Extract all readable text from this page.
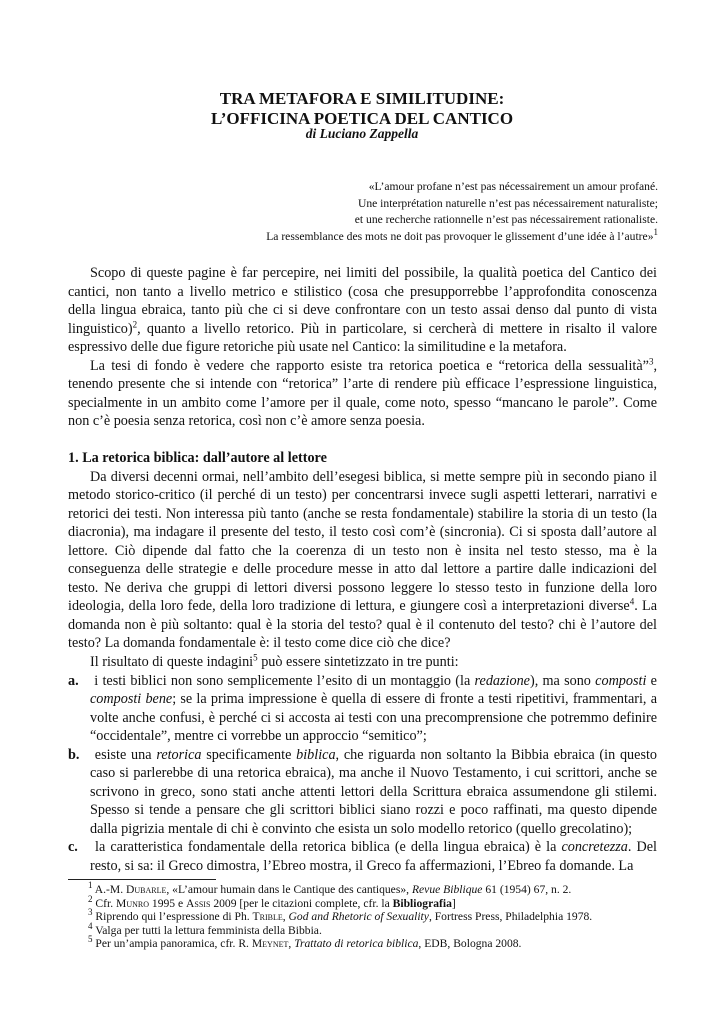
TRA METAFORA E SIMILITUDINE:
L’OFFICINA POETICA DEL CANTICO
di Luciano Zappella
«L’amour profane n’est pas nécessairement un amour profané.
Une interprétation naturelle n’est pas nécessairement naturaliste;
et une recherche rationnelle n’est pas nécessairement rationaliste.
La ressemblance des mots ne doit pas provoquer le glissement d’une idée à l’autre»$^1$

Scopo di queste pagine è far percepire, nei limiti del possibile, la qualità poetica del Cantico dei cantici, non tanto a livello metrico e stilistico (cosa che presupporrebbe l’approfondita conoscenza della lingua ebraica, tanto più che ci si deve confrontare con un testo assai denso dal punto di vista linguistico)$^2$, quanto a livello retorico. Più in particolare, si cercherà di mettere in risalto il valore espressivo delle due figure retoriche più usate nel Cantico: la similitudine e la metafora.

La tesi di fondo è vedere che rapporto esiste tra retorica poetica e “retorica della sessualità”$^3$, tenendo presente che si intende con “retorica” l’arte di rendere più efficace l’espressione linguistica, specialmente in un ambito come l’amore per il quale, come noto, spesso “mancano le parole”. Come non c’è poesia senza retorica, così non c’è amore senza poesia.

1. La retorica biblica: dall’autore al lettore

Da diversi decenni ormai, nell’ambito dell’esegesi biblica, si mette sempre più in secondo piano il metodo storico-critico (il perché di un testo) per concentrarsi invece sugli aspetti letterari, narrativi e retorici dei testi. Non interessa più tanto (anche se resta fondamentale) stabilire la storia di un testo (la diacronia), ma indagare il presente del testo, il testo così com’è (sincronia). Ci si sposta dall’autore al lettore. Ciò dipende dal fatto che la coerenza di un testo non è insita nel testo stesso, ma è la conseguenza delle strategie e delle procedure messe in atto dal lettore a partire dalle indicazioni del testo. Ne deriva che gruppi di lettori diversi possono leggere lo stesso testo in funzione della loro ideologia, della loro fede, della loro tradizione di lettura, e giungere così a interpretazioni diverse$^4$. La domanda non è più soltanto: qual è la storia del testo? qual è il contenuto del testo? chi è l’autore del testo? La domanda fondamentale è: il testo come dice ciò che dice?

Il risultato di queste indagini$^5$ può essere sintetizzato in tre punti:

a. i testi biblici non sono semplicemente l’esito di un montaggio (la redazione), ma sono composti e composti bene; se la prima impressione è quella di essere di fronte a testi ripetitivi, frammentari, a volte anche confusi, è perché ci si accosta ai testi con una precomprensione che potremmo definire “occidentale”, mentre ci vorrebbe un approccio “semitico”;

b. esiste una retorica specificamente biblica, che riguarda non soltanto la Bibbia ebraica (in questo caso si parlerebbe di una retorica ebraica), ma anche il Nuovo Testamento, i cui scrittori, anche se scrivono in greco, sono stati anche attenti lettori della Scrittura ebraica assumendone gli stilemi. Spesso si tende a pensare che gli scrittori biblici siano rozzi e poco raffinati, ma questo dipende dalla pigrizia mentale di chi è convinto che esista un solo modello retorico (quello grecolatino);

c. la caratteristica fondamentale della retorica biblica (e della lingua ebraica) è la concretezza. Del resto, si sa: il Greco dimostra, l’Ebreo mostra, il Greco fa affermazioni, l’Ebreo fa domande. La

$^1$ A.-M. Dubarle, «L’amour humain dans le Cantique des cantiques», Revue Biblique 61 (1954) 67, n. 2.
$^2$ Cfr. Munro 1995 e Assis 2009 [per le citazioni complete, cfr. la Bibliografia]
$^3$ Riprendo qui l’espressione di Ph. Trible, God and Rhetoric of Sexuality, Fortress Press, Philadelphia 1978.
$^4$ Valga per tutti la lettura femminista della Bibbia.
$^5$ Per un’ampia panoramica, cfr. R. Meynet, Trattato di retorica biblica, EDB, Bologna 2008.
